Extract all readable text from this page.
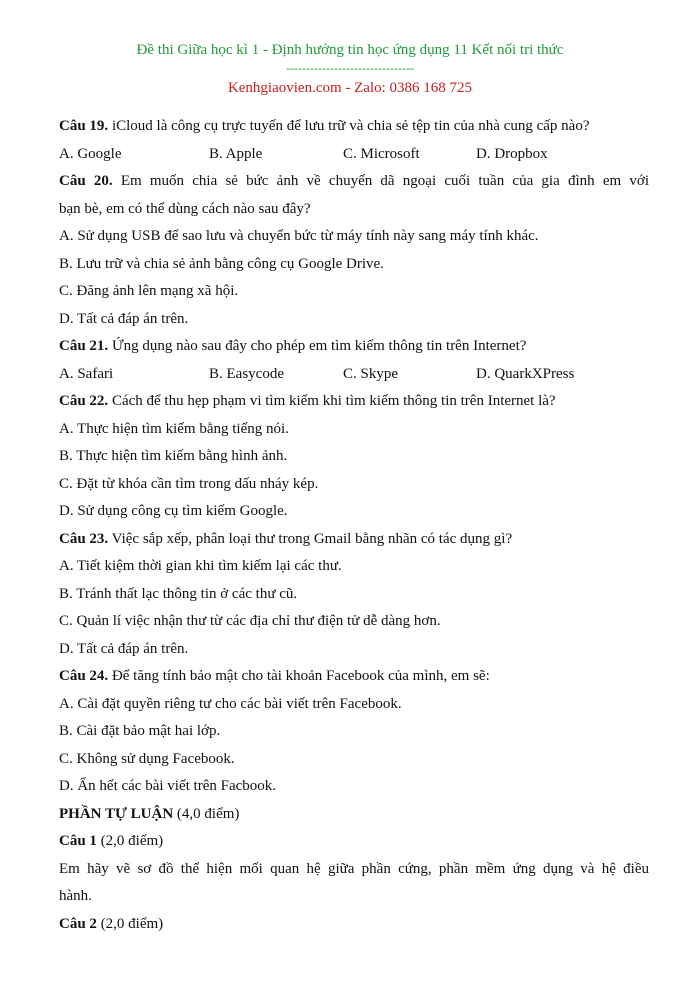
Đề thi Giữa học kì 1 - Định hướng tin học ứng dụng 11 Kết nối tri thức
--------------------------------
Kenhgiaovien.com - Zalo: 0386 168 725
Câu 19. iCloud là công cụ trực tuyến để lưu trữ và chia sẻ tệp tin của nhà cung cấp nào?
A. Google	B. Apple	C. Microsoft	D. Dropbox
Câu 20. Em muốn chia sẻ bức ảnh về chuyến dã ngoại cuối tuần của gia đình em với
bạn bè, em có thể dùng cách nào sau đây?
A. Sử dụng USB để sao lưu và chuyển bức từ máy tính này sang máy tính khác.
B. Lưu trữ và chia sẻ ảnh bằng công cụ Google Drive.
C. Đăng ảnh lên mạng xã hội.
D. Tất cả đáp án trên.
Câu 21. Ứng dụng nào sau đây cho phép em tìm kiếm thông tin trên Internet?
A. Safari	B. Easycode	C. Skype	D. QuarkXPress
Câu 22. Cách để thu hẹp phạm vi tìm kiếm khi tìm kiếm thông tin trên Internet là?
A. Thực hiện tìm kiếm bằng tiếng nói.
B. Thực hiện tìm kiếm bằng hình ảnh.
C. Đặt từ khóa cần tìm trong dấu nháy kép.
D. Sử dụng công cụ tìm kiếm Google.
Câu 23. Việc sắp xếp, phân loại thư trong Gmail bằng nhãn có tác dụng gì?
A. Tiết kiệm thời gian khi tìm kiếm lại các thư.
B. Tránh thất lạc thông tin ở các thư cũ.
C. Quản lí việc nhận thư từ các địa chỉ thư điện tử dễ dàng hơn.
D. Tất cả đáp án trên.
Câu 24. Để tăng tính bảo mật cho tài khoản Facebook của mình, em sẽ:
A. Cài đặt quyền riêng tư cho các bài viết trên Facebook.
B. Cài đặt bảo mật hai lớp.
C. Không sử dụng Facebook.
D. Ẩn hết các bài viết trên Facbook.
PHẦN TỰ LUẬN (4,0 điểm)
Câu 1 (2,0 điểm)
Em hãy vẽ sơ đồ thể hiện mối quan hệ giữa phần cứng, phần mềm ứng dụng và hệ điều
hành.
Câu 2 (2,0 điểm)
